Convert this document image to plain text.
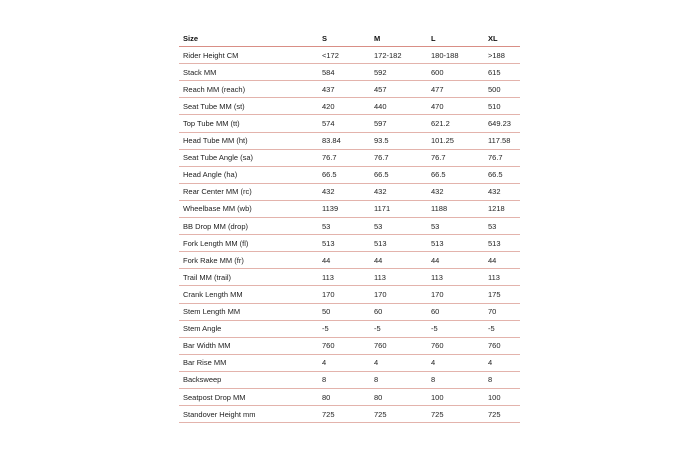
Size	S	M	L	XL
Rider Height CM	<172	172-182	180-188	>188
Stack MM	584	592	600	615
Reach MM (reach)	437	457	477	500
Seat Tube MM (st)	420	440	470	510
Top Tube MM (tt)	574	597	621.2	649.23
Head Tube MM (ht)	83.84	93.5	101.25	117.58
Seat Tube Angle (sa)	76.7	76.7	76.7	76.7
Head Angle (ha)	66.5	66.5	66.5	66.5
Rear Center MM (rc)	432	432	432	432
Wheelbase MM (wb)	1139	1171	1188	1218
BB Drop MM (drop)	53	53	53	53
Fork Length MM (fl)	513	513	513	513
Fork Rake MM (fr)	44	44	44	44
Trail MM (trail)	113	113	113	113
Crank Length MM	170	170	170	175
Stem Length MM	50	60	60	70
Stem Angle	-5	-5	-5	-5
Bar Width MM	760	760	760	760
Bar Rise MM	4	4	4	4
Backsweep	8	8	8	8
Seatpost Drop MM	80	80	100	100
Standover Height mm	725	725	725	725
